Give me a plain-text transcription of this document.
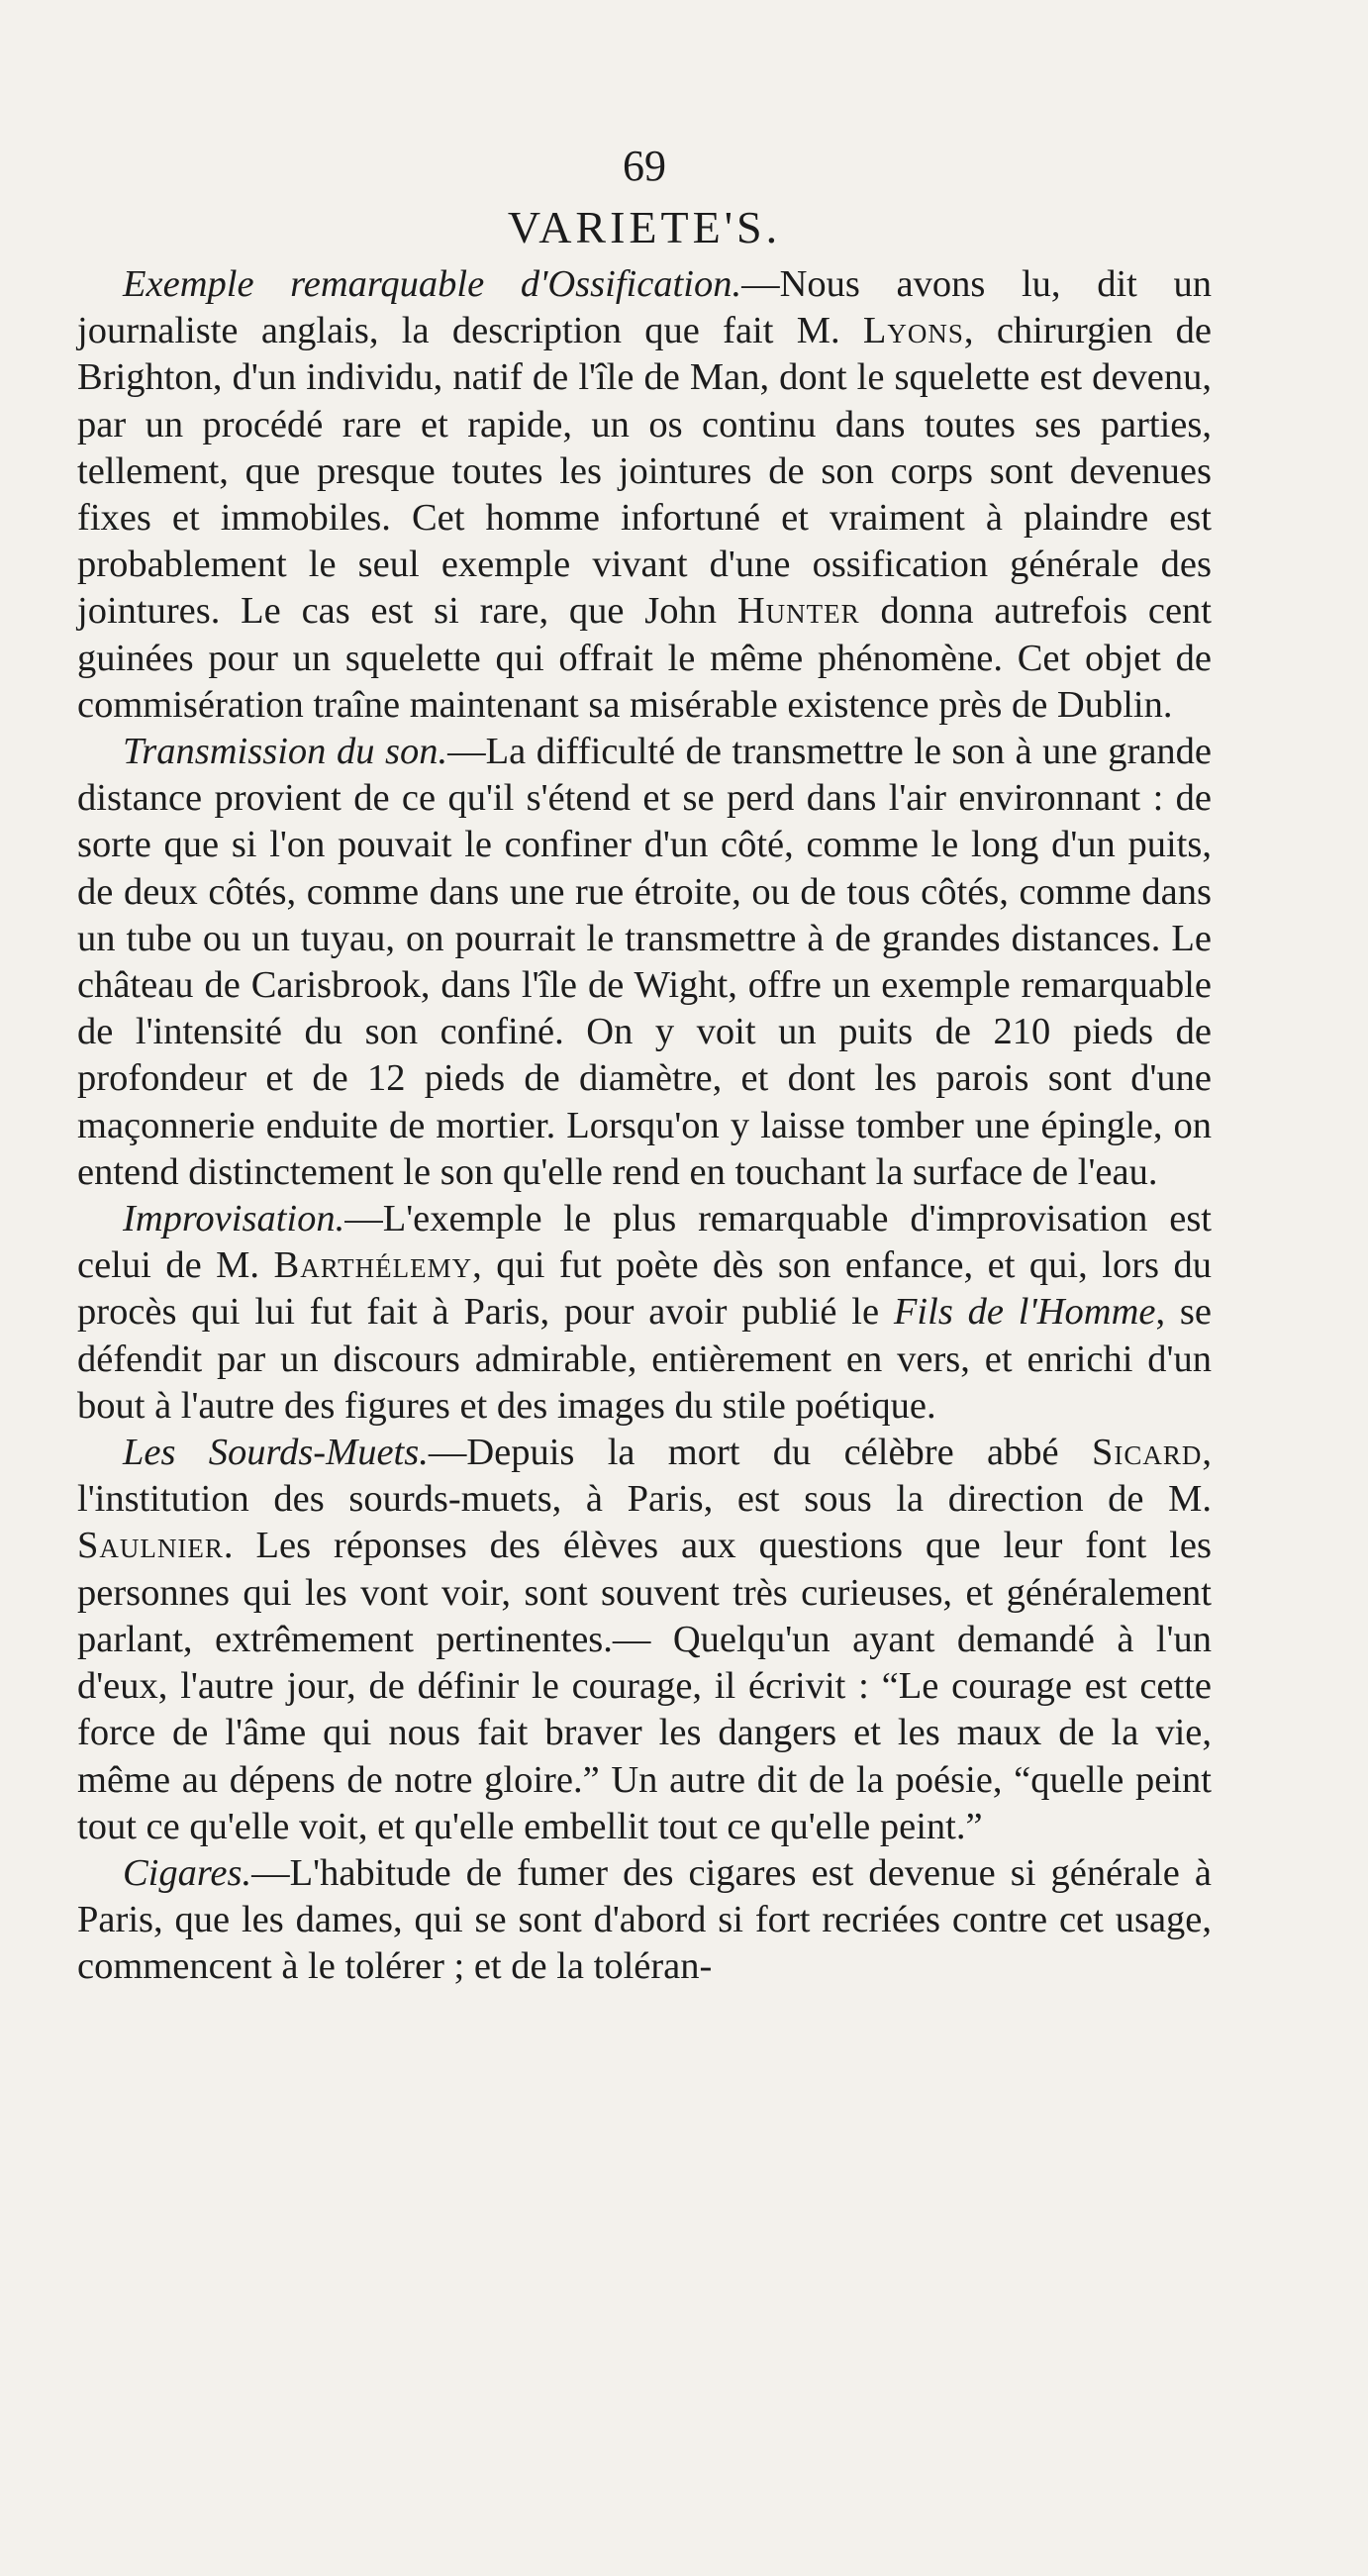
69
VARIETE'S.

Exemple remarquable d'Ossification.—Nous avons lu, dit un journaliste anglais, la description que fait M. Lyons, chirurgien de Brighton, d'un individu, natif de l'île de Man, dont le squelette est devenu, par un procédé rare et rapide, un os continu dans toutes ses parties, tellement, que presque toutes les jointures de son corps sont devenues fixes et immobiles. Cet homme infortuné et vraiment à plaindre est probablement le seul exemple vivant d'une ossification générale des jointures. Le cas est si rare, que John Hunter donna autrefois cent guinées pour un squelette qui offrait le même phénomène. Cet objet de commisération traîne maintenant sa misérable existence près de Dublin.

Transmission du son.—La difficulté de transmettre le son à une grande distance provient de ce qu'il s'étend et se perd dans l'air environnant : de sorte que si l'on pouvait le confiner d'un côté, comme le long d'un puits, de deux côtés, comme dans une rue étroite, ou de tous côtés, comme dans un tube ou un tuyau, on pourrait le transmettre à de grandes distances. Le château de Carisbrook, dans l'île de Wight, offre un exemple remarquable de l'intensité du son confiné. On y voit un puits de 210 pieds de profondeur et de 12 pieds de diamètre, et dont les parois sont d'une maçonnerie enduite de mortier. Lorsqu'on y laisse tomber une épingle, on entend distinctement le son qu'elle rend en touchant la surface de l'eau.

Improvisation.—L'exemple le plus remarquable d'improvisation est celui de M. Barthélemy, qui fut poète dès son enfance, et qui, lors du procès qui lui fut fait à Paris, pour avoir publié le Fils de l'Homme, se défendit par un discours admirable, entièrement en vers, et enrichi d'un bout à l'autre des figures et des images du stile poétique.

Les Sourds-Muets.—Depuis la mort du célèbre abbé Sicard, l'institution des sourds-muets, à Paris, est sous la direction de M. Saulnier. Les réponses des élèves aux questions que leur font les personnes qui les vont voir, sont souvent très curieuses, et généralement parlant, extrêmement pertinentes.— Quelqu'un ayant demandé à l'un d'eux, l'autre jour, de définir le courage, il écrivit : “Le courage est cette force de l'âme qui nous fait braver les dangers et les maux de la vie, même au dépens de notre gloire.” Un autre dit de la poésie, “quelle peint tout ce qu'elle voit, et qu'elle embellit tout ce qu'elle peint.”

Cigares.—L'habitude de fumer des cigares est devenue si générale à Paris, que les dames, qui se sont d'abord si fort recriées contre cet usage, commencent à le tolérer ; et de la toléran-
